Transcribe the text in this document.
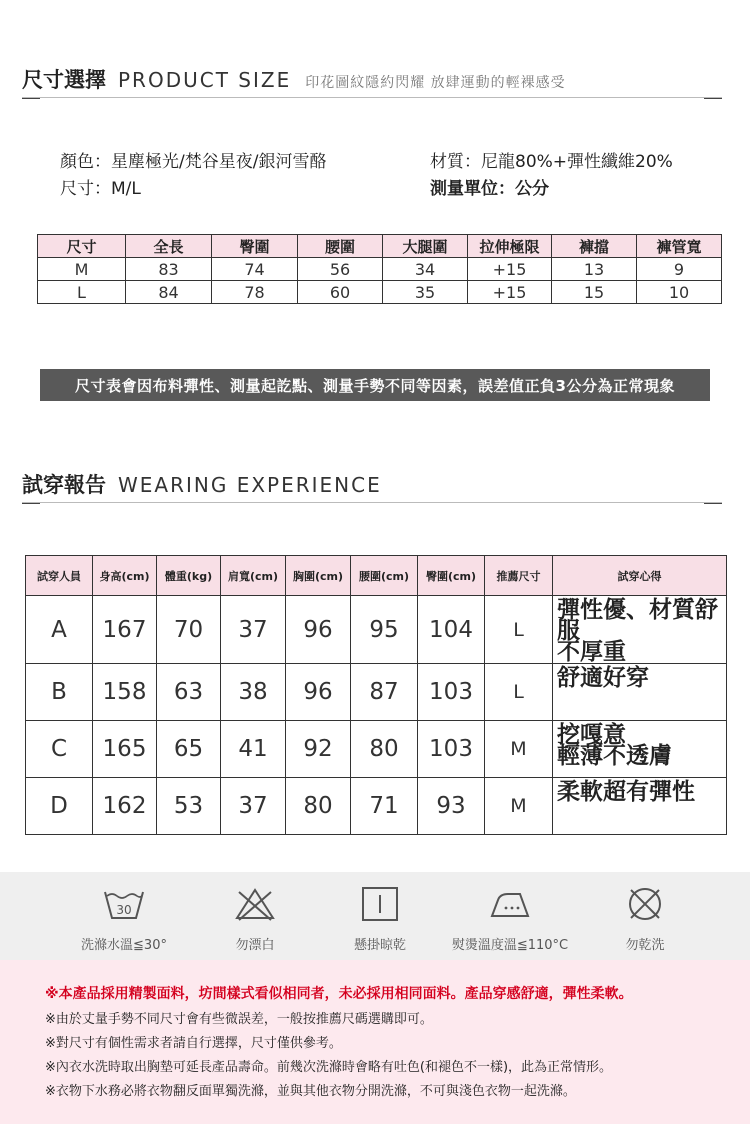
尺寸選擇 PRODUCT SIZE 印花圖紋隱約閃耀 放肆運動的輕裸感受
顏色：星塵極光/梵谷星夜/銀河雪酪
尺寸：M/L
材質：尼龍80%+彈性纖維20%
測量單位：公分
尺寸	全長	臀圍	腰圍	大腿圍	拉伸極限	褲擋	褲管寬
M	83	74	56	34	+15	13	9
L	84	78	60	35	+15	15	10
尺寸表會因布料彈性、測量起訖點、測量手勢不同等因素，誤差值正負3公分為正常現象
試穿報告 WEARING EXPERIENCE
試穿人員	身高(cm)	體重(kg)	肩寬(cm)	胸圍(cm)	腰圍(cm)	臀圍(cm)	推薦尺寸	試穿心得
A	167	70	37	96	95	104	L	彈性優、材質舒服
不厚重

B	158	63	38	96	87	103	L	舒適好穿

C	165	65	41	92	80	103	M	挖嘎意
輕薄不透膚

D	162	53	37	80	71	93	M	柔軟超有彈性
30
洗滌水溫≦30°	勿漂白	懸掛晾乾	熨燙溫度溫≦110°C	勿乾洗
※本產品採用精製面料，坊間樣式看似相同者，未必採用相同面料。產品穿感舒適，彈性柔軟。
※由於丈量手勢不同尺寸會有些微誤差，一般按推薦尺碼選購即可。
※對尺寸有個性需求者請自行選擇，尺寸僅供參考。
※內衣水洗時取出胸墊可延長產品壽命。前幾次洗滌時會略有吐色(和褪色不一樣)，此為正常情形。
※衣物下水務必將衣物翻反面單獨洗滌，並與其他衣物分開洗滌，不可與淺色衣物一起洗滌。
